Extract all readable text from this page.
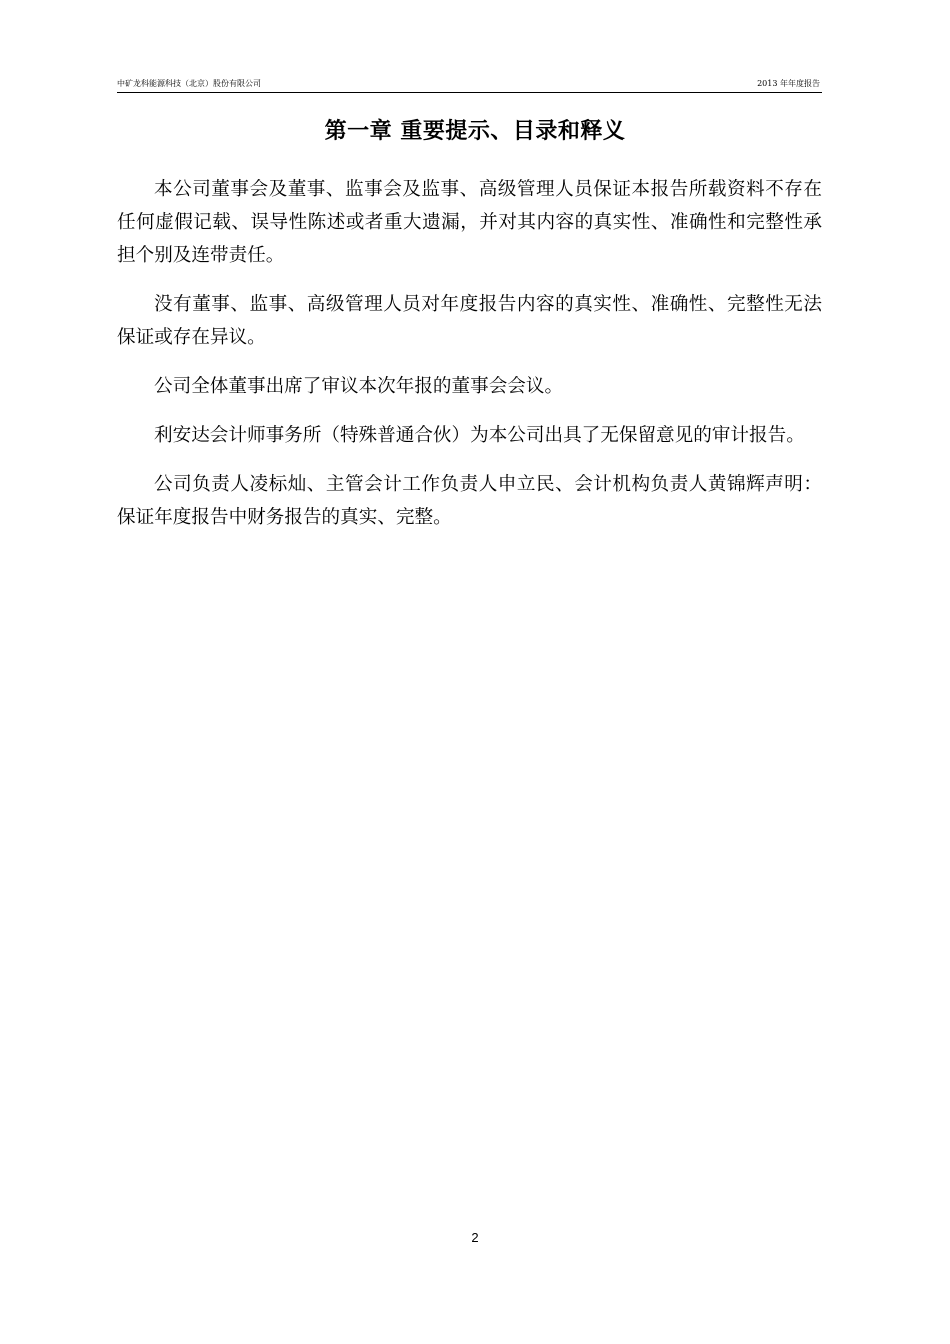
中矿龙科能源科技（北京）股份有限公司	2013 年年度报告
第一章 重要提示、目录和释义

本公司董事会及董事、监事会及监事、高级管理人员保证本报告所载资料不存在任何虚假记载、误导性陈述或者重大遗漏，并对其内容的真实性、准确性和完整性承担个别及连带责任。

没有董事、监事、高级管理人员对年度报告内容的真实性、准确性、完整性无法保证或存在异议。

公司全体董事出席了审议本次年报的董事会会议。

利安达会计师事务所（特殊普通合伙）为本公司出具了无保留意见的审计报告。

公司负责人凌标灿、主管会计工作负责人申立民、会计机构负责人黄锦辉声明：保证年度报告中财务报告的真实、完整。

2
